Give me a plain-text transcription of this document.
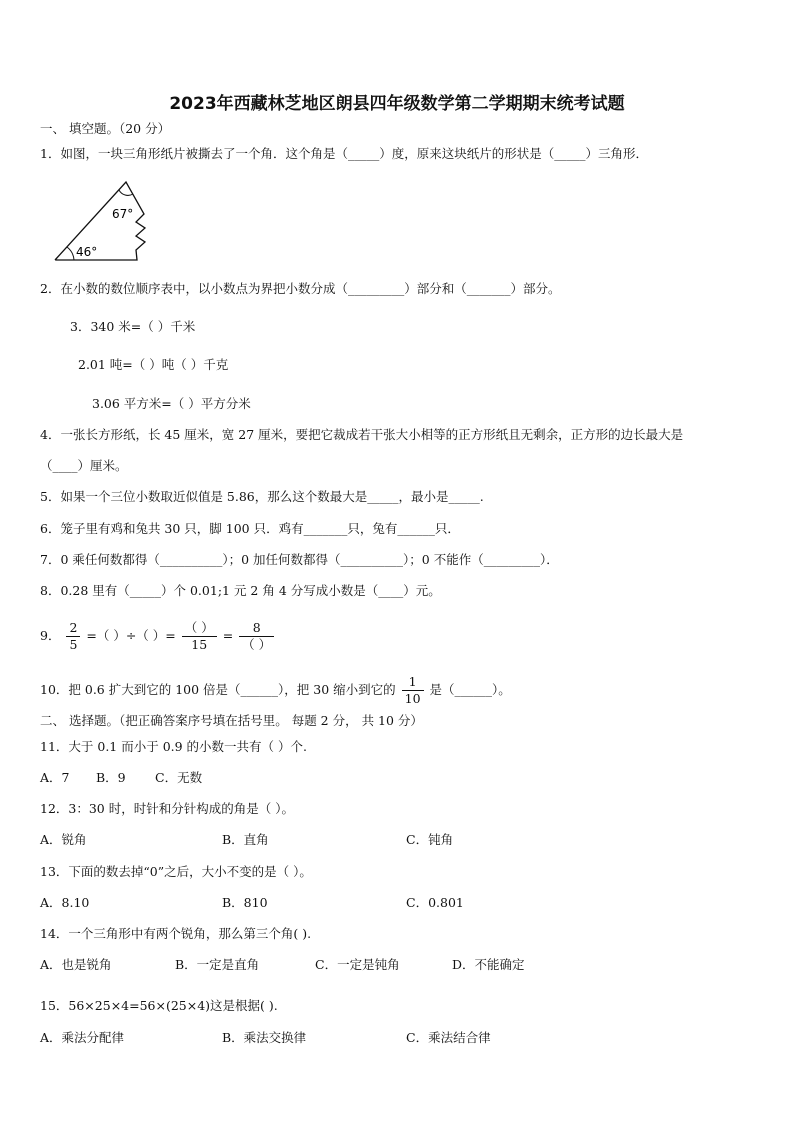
2023年西藏林芝地区朗县四年级数学第二学期期末统考试题
一、 填空题。（20 分）
1．如图，一块三角形纸片被撕去了一个角．这个角是（_____）度，原来这块纸片的形状是（_____）三角形．
67°
46°
2．在小数的数位顺序表中，以小数点为界把小数分成（_________）部分和（_______）部分。
3．340 米=（ ）千米
2.01 吨=（ ）吨（ ）千克
3.06 平方米=（ ）平方分米
4．一张长方形纸，长 45 厘米，宽 27 厘米，要把它裁成若干张大小相等的正方形纸且无剩余，正方形的边长最大是
（____）厘米。
5．如果一个三位小数取近似值是 5.86，那么这个数最大是_____，最小是_____.
6．笼子里有鸡和兔共 30 只，脚 100 只．鸡有_______只，兔有______只．
7．0 乘任何数都得（__________）；0 加任何数都得（__________）；0 不能作（_________）．
8．0.28 里有（_____）个 0.01;1 元 2 角 4 分写成小数是（____）元。
9． $\frac{2}{5}$ =（ ）÷（ ）= $\frac{( )}{15} = \frac{8}{( )}$
10．把 0.6 扩大到它的 100 倍是（______），把 30 缩小到它的 $\frac{1}{10}$ 是（______）。
二、 选择题。（把正确答案序号填在括号里。 每题 2 分， 共 10 分）
11．大于 0.1 而小于 0.9 的小数一共有（ ）个.
A．7 B．9 C．无数
12．3：30 时，时针和分针构成的角是（ ）。
A．锐角	B．直角	C．钝角
13．下面的数去掉“0”之后，大小不变的是（ ）。
A．8.10	B．810	C．0.801
14．一个三角形中有两个锐角，那么第三个角( ).
A．也是锐角	B．一定是直角	C．一定是钝角	D．不能确定
15．56×25×4=56×(25×4)这是根据( ).
A．乘法分配律	B．乘法交换律	C．乘法结合律
